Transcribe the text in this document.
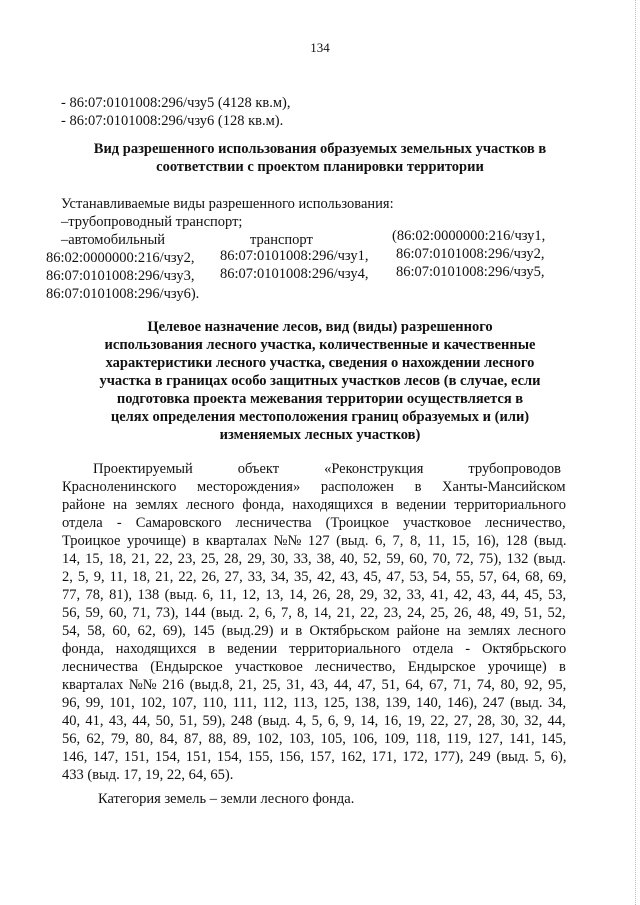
134
- 86:07:0101008:296/чзу5 (4128 кв.м),
- 86:07:0101008:296/чзу6 (128 кв.м).
Вид разрешенного использования образуемых земельных участков в
соответствии с проектом планировки территории
Устанавливаемые виды разрешенного использования:
–трубопроводный транспорт;
–автомобильный	транспорт	(86:02:0000000:216/чзу1,
86:02:0000000:216/чзу2, 86:07:0101008:296/чзу1, 86:07:0101008:296/чзу2,
86:07:0101008:296/чзу3, 86:07:0101008:296/чзу4, 86:07:0101008:296/чзу5,
86:07:0101008:296/чзу6).
Целевое назначение лесов, вид (виды) разрешенного
использования лесного участка, количественные и качественные
характеристики лесного участка, сведения о нахождении лесного
участка в границах особо защитных участков лесов (в случае, если
подготовка проекта межевания территории осуществляется в
целях определения местоположения границ образуемых и (или)
изменяемых лесных участков)
Проектируемый	объект	«Реконструкция	трубопроводов
Красноленинского месторождения» расположен в Ханты-Мансийском
районе на землях лесного фонда, находящихся в ведении территориального
отдела - Самаровского лесничества (Троицкое участковое лесничество,
Троицкое урочище) в кварталах №№ 127 (выд. 6, 7, 8, 11, 15, 16), 128 (выд.
14, 15, 18, 21, 22, 23, 25, 28, 29, 30, 33, 38, 40, 52, 59, 60, 70, 72, 75), 132 (выд.
2, 5, 9, 11, 18, 21, 22, 26, 27, 33, 34, 35, 42, 43, 45, 47, 53, 54, 55, 57, 64, 68, 69,
77, 78, 81), 138 (выд. 6, 11, 12, 13, 14, 26, 28, 29, 32, 33, 41, 42, 43, 44, 45, 53,
56, 59, 60, 71, 73), 144 (выд. 2, 6, 7, 8, 14, 21, 22, 23, 24, 25, 26, 48, 49, 51, 52,
54, 58, 60, 62, 69), 145 (выд.29) и в Октябрьском районе на землях лесного
фонда, находящихся в ведении территориального отдела - Октябрьского
лесничества (Ендырское участковое лесничество, Ендырское урочище) в
кварталах №№ 216 (выд.8, 21, 25, 31, 43, 44, 47, 51, 64, 67, 71, 74, 80, 92, 95,
96, 99, 101, 102, 107, 110, 111, 112, 113, 125, 138, 139, 140, 146), 247 (выд. 34,
40, 41, 43, 44, 50, 51, 59), 248 (выд. 4, 5, 6, 9, 14, 16, 19, 22, 27, 28, 30, 32, 44,
56, 62, 79, 80, 84, 87, 88, 89, 102, 103, 105, 106, 109, 118, 119, 127, 141, 145,
146, 147, 151, 154, 151, 154, 155, 156, 157, 162, 171, 172, 177), 249 (выд. 5, 6),
433 (выд. 17, 19, 22, 64, 65).
Категория земель – земли лесного фонда.
